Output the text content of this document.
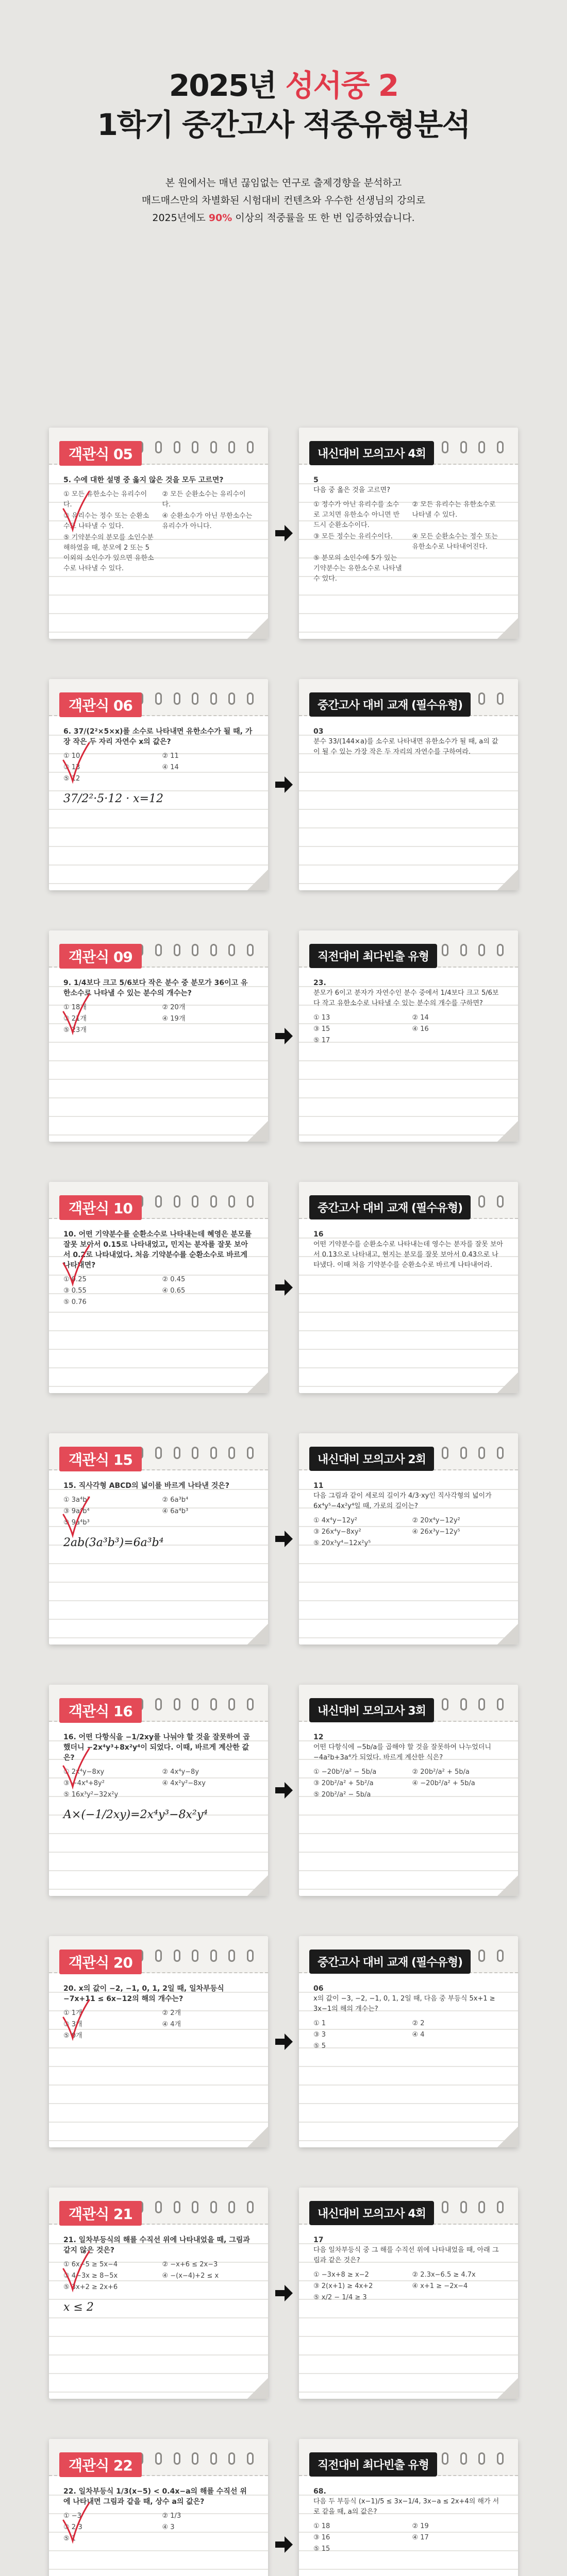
2025년 성서중 2
1학기 중간고사 적중유형분석
본 원에서는 매년 끊임없는 연구로 출제경향을 분석하고
매드매스만의 차별화된 시험대비 컨텐츠와 우수한 선생님의 강의로
2025년에도 90% 이상의 적중률을 또 한 번 입증하였습니다.
객관식 05
5. 수에 대한 설명 중 옳지 않은 것을 모두 고르면?
① 모든 유한소수는 유리수이다.
② 모든 순환소수는 유리수이다.
③ 유리수는 정수 또는 순환소수로 나타낼 수 있다.
④ 순환소수가 아닌 무한소수는 유리수가 아니다.
⑤ 기약분수의 분모를 소인수분해하였을 때, 분모에 2 또는 5 이외의 소인수가 있으면 유한소수로 나타낼 수 있다.
내신대비 모의고사 4회
5
다음 중 옳은 것을 고르면?
① 정수가 아닌 유리수를 소수로 고치면 유한소수 아니면 반드시 순환소수이다.
② 모든 유리수는 유한소수로 나타낼 수 있다.
③ 모든 정수는 유리수이다.	④ 모든 순환소수는 정수 또는 유한소수로 나타내어진다.
⑤ 분모의 소인수에 5가 있는 기약분수는 유한소수로 나타낼 수 있다.
객관식 06
6. 37/(2²×5×x)를 소수로 나타내면 유한소수가 될 때, 가장 작은 두 자리 자연수 x의 값은?
① 10	② 11
③ 13	④ 14
⑤ 12
37/2²·5·12 · x=12
중간고사 대비 교재 (필수유형)
03
분수 33/(144×a)를 소수로 나타내면 유한소수가 될 때, a의 값이 될 수 있는 가장 작은 두 자리의 자연수를 구하여라.
객관식 09
9. 1/4보다 크고 5/6보다 작은 분수 중 분모가 36이고 유한소수로 나타낼 수 있는 분수의 개수는?
① 18개	② 20개
③ 21개	④ 19개
⑤ 23개
직전대비 최다빈출 유형
23.
분모가 6이고 분자가 자연수인 분수 중에서 1/4보다 크고 5/6보다 작고 유한소수로 나타낼 수 있는 분수의 개수를 구하면?
① 13	② 14
③ 15	④ 16
⑤ 17
객관식 10
10. 어떤 기약분수를 순환소수로 나타내는데 혜영은 분모를 잘못 보아서 0.15로 나타내었고, 민지는 분자를 잘못 보아서 0.2로 나타내었다. 처음 기약분수를 순환소수로 바르게 나타내면?
① 0.25	② 0.45
③ 0.55	④ 0.65
⑤ 0.76
중간고사 대비 교재 (필수유형)
16
어떤 기약분수를 순환소수로 나타내는데 영수는 분자를 잘못 보아서 0.13으로 나타내고, 현지는 분모를 잘못 보아서 0.43으로 나타냈다. 이때 처음 기약분수를 순환소수로 바르게 나타내어라.
객관식 15
15. 직사각형 ABCD의 넓이를 바르게 나타낸 것은?
① 3a⁴b³	② 6a³b⁴
③ 9a⁴b⁴	④ 6a⁴b³
⑤ 9a⁴b³
2ab(3a³b³)=6a³b⁴
내신대비 모의고사 2회
11
다음 그림과 같이 세로의 길이가 4/3·xy인 직사각형의 넓이가 6x⁴y⁵−4x²y⁴일 때, 가로의 길이는?
① 4x⁴y−12y²	② 20x⁴y−12y²
③ 26x⁴y−8xy²	④ 26x³y−12y⁵
⑤ 20x³y⁴−12x²y⁵
객관식 16
16. 어떤 다항식을 −1/2xy를 나눠야 할 것을 잘못하여 곱했더니 −2x⁴y³+8x²y⁴이 되었다. 이때, 바르게 계산한 값은?
① 2x⁴y−8xy	② 4x⁴y−8y
③ −4x⁴+8y²	④ 4x²y²−8xy
⑤ 16x³y²−32x²y
A×(−1/2xy)=2x⁴y³−8x²y⁴
내신대비 모의고사 3회
12
어떤 다항식에 −5b/a를 곱해야 할 것을 잘못하여 나누었더니 −4a²b+3a⁴가 되었다. 바르게 계산한 식은?
① −20b²/a² − 5b/a	② 20b²/a² + 5b/a
③ 20b²/a² + 5b²/a	④ −20b²/a² + 5b/a
⑤ 20b²/a² − 5b/a
객관식 20
20. x의 값이 −2, −1, 0, 1, 2일 때, 일차부등식 −7x+11 ≤ 6x−12의 해의 개수는?
① 1개	② 2개
③ 3개	④ 4개
⑤ 0개
중간고사 대비 교재 (필수유형)
06
x의 값이 −3, −2, −1, 0, 1, 2일 때, 다음 중 부등식 5x+1 ≥ 3x−1의 해의 개수는?
① 1	② 2
③ 3	④ 4
⑤ 5
객관식 21
21. 일차부등식의 해를 수직선 위에 나타내었을 때, 그림과 같지 않은 것은?
① 6x−5 ≥ 5x−4	② −x+6 ≤ 2x−3
③ 4−3x ≥ 8−5x	④ −(x−4)+2 ≤ x
⑤ 3x+2 ≥ 2x+6
x ≤ 2
내신대비 모의고사 4회
17
다음 일차부등식 중 그 해를 수직선 위에 나타내었을 때, 아래 그림과 같은 것은?
① −3x+8 ≥ x−2	② 2.3x−6.5 ≥ 4.7x
③ 2(x+1) ≥ 4x+2	④ x+1 ≥ −2x−4
⑤ x/2 − 1/4 ≥ 3
객관식 22
22. 일차부등식 1/3(x−5) < 0.4x−a의 해를 수직선 위에 나타내면 그림과 같을 때, 상수 a의 값은?
① −3	② 1/3
③ 2/3	④ 3
⑤ 1
직전대비 최다빈출 유형
68.
다음 두 부등식 (x−1)/5 ≤ 3x−1/4, 3x−a ≤ 2x+4의 해가 서로 같을 때, a의 값은?
① 18	② 19
③ 16	④ 17
⑤ 15
